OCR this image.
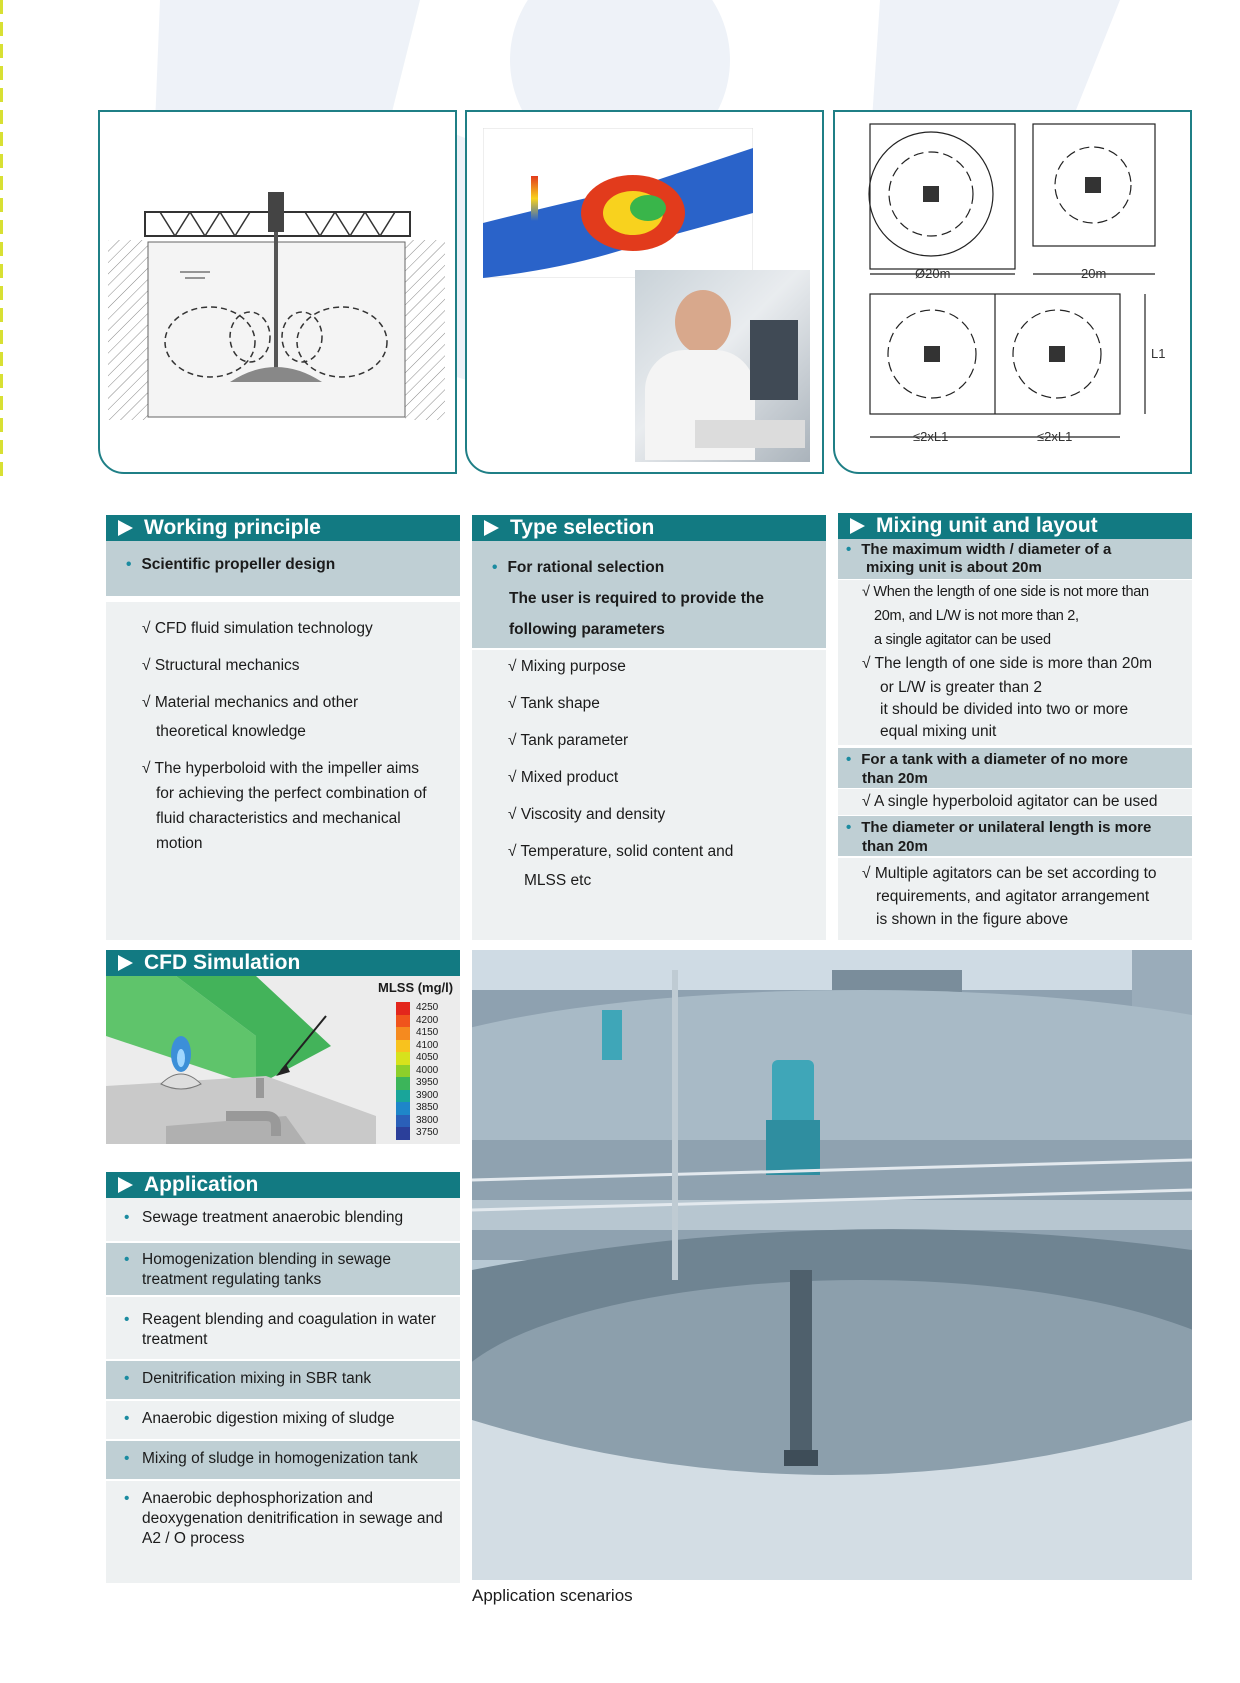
Ø20m	20m
≤2xL1	≤2xL1
L1
Working principle
• Scientific propeller design
√ CFD fluid simulation technology
√ Structural mechanics
√ Material mechanics and other
theoretical knowledge
√ The hyperboloid with the impeller aims
for achieving the perfect combination of
fluid characteristics and mechanical
motion
Type selection
• For rational selection
The user is required to provide the
following parameters
√ Mixing purpose
√ Tank shape
√ Tank parameter
√ Mixed product
√ Viscosity and density
√ Temperature, solid content and
MLSS etc
Mixing unit and layout
• The maximum width / diameter of a
mixing unit is about 20m
√ When the length of one side is not more than
20m, and L/W is not more than 2,
a single agitator can be used
√ The length of one side is more than 20m
or L/W is greater than 2
it should be divided into two or more
equal mixing unit
• For a tank with a diameter of no more
than 20m
√ A single hyperboloid agitator can be used
• The diameter or unilateral length is more
than 20m
√ Multiple agitators can be set according to
requirements, and agitator arrangement
is shown in the figure above
CFD Simulation
MLSS (mg/l)
4250
4200
4150
4100
4050
4000
3950
3900
3850
3800
3750
Application
• Sewage treatment anaerobic blending
• Homogenization blending in sewage treatment regulating tanks
• Reagent blending and coagulation in water treatment
• Denitrification mixing in SBR tank
• Anaerobic digestion mixing of sludge
• Mixing of sludge in homogenization tank
• Anaerobic dephosphorization and deoxygenation denitrification in sewage and A2 / O process
Application scenarios
